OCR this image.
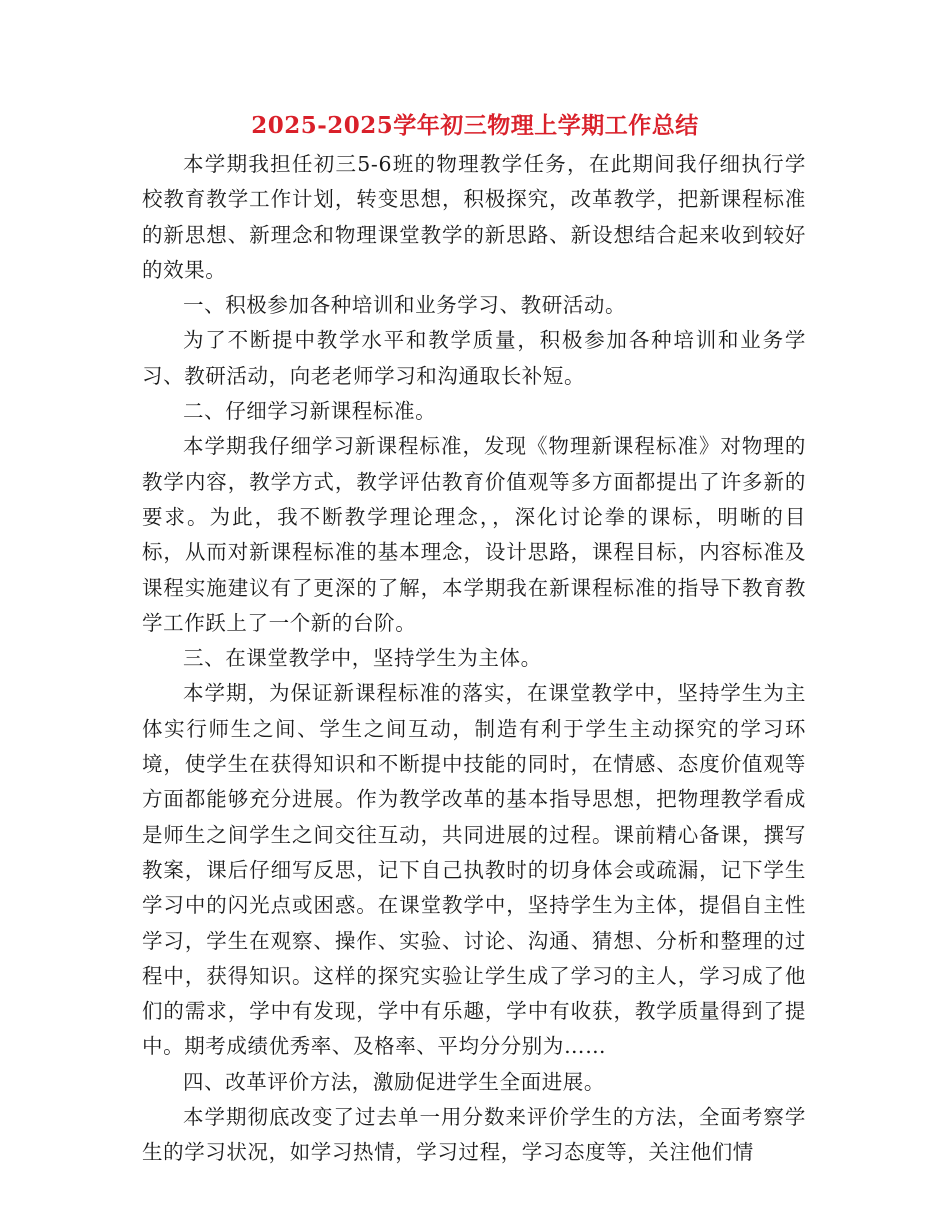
2025-2025学年初三物理上学期工作总结

本学期我担任初三5-6班的物理教学任务，在此期间我仔细执行学校教育教学工作计划，转变思想，积极探究，改革教学，把新课程标准的新思想、新理念和物理课堂教学的新思路、新设想结合起来收到较好的效果。

一、积极参加各种培训和业务学习、教研活动。

为了不断提中教学水平和教学质量，积极参加各种培训和业务学习、教研活动，向老老师学习和沟通取长补短。

二、仔细学习新课程标准。

本学期我仔细学习新课程标准，发现《物理新课程标准》对物理的教学内容，教学方式，教学评估教育价值观等多方面都提出了许多新的要求。为此，我不断教学理论理念，，深化讨论拳的课标，明晰的目标，从而对新课程标准的基本理念，设计思路，课程目标，内容标准及课程实施建议有了更深的了解，本学期我在新课程标准的指导下教育教学工作跃上了一个新的台阶。

三、在课堂教学中，坚持学生为主体。

本学期，为保证新课程标准的落实，在课堂教学中，坚持学生为主体实行师生之间、学生之间互动，制造有利于学生主动探究的学习环境，使学生在获得知识和不断提中技能的同时，在情感、态度价值观等方面都能够充分进展。作为教学改革的基本指导思想，把物理教学看成是师生之间学生之间交往互动，共同进展的过程。课前精心备课，撰写教案，课后仔细写反思，记下自己执教时的切身体会或疏漏，记下学生学习中的闪光点或困惑。在课堂教学中，坚持学生为主体，提倡自主性学习，学生在观察、操作、实验、讨论、沟通、猜想、分析和整理的过程中，获得知识。这样的探究实验让学生成了学习的主人，学习成了他们的需求，学中有发现，学中有乐趣，学中有收获，教学质量得到了提中。期考成绩优秀率、及格率、平均分分别为……

四、改革评价方法，激励促进学生全面进展。

本学期彻底改变了过去单一用分数来评价学生的方法，全面考察学生的学习状况，如学习热情，学习过程，学习态度等，关注他们情
